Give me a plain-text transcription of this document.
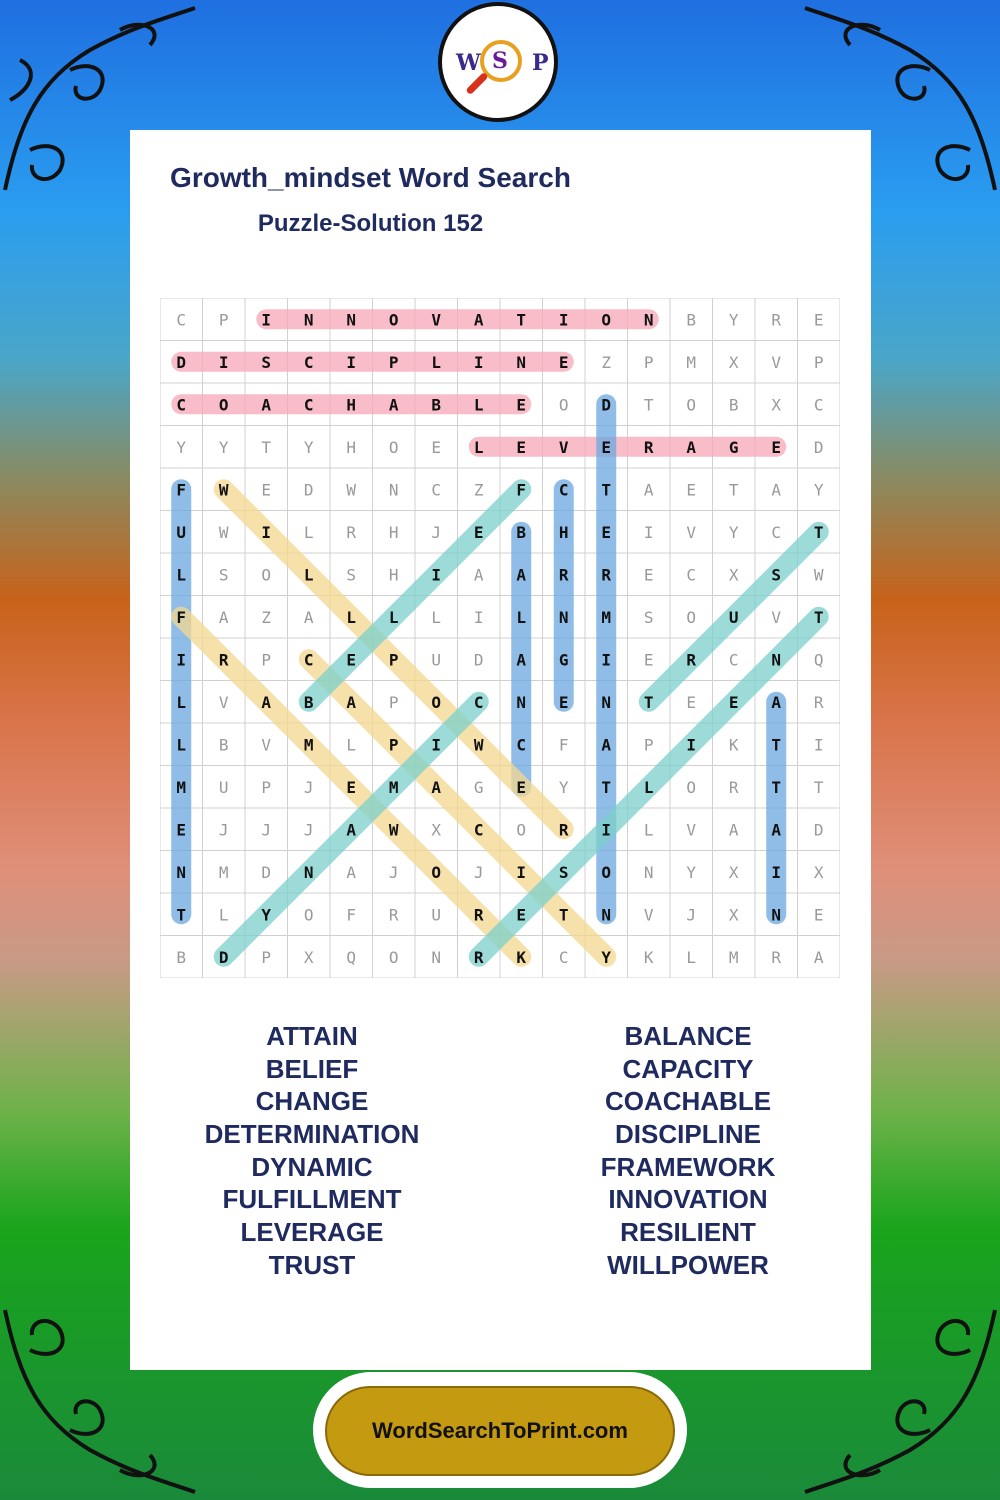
W S P
Growth_mindset Word Search
Puzzle-Solution 152
C P I N N O V A T I O N B Y R E
D I S C I P L I N E Z P M X V P
C O A C H A B L E O D T O B X C
Y Y T Y H O E L E V E R A G E D
F W E D W N C Z F C T A E T A Y
U W I L R H J E B H E I V Y C T
L S O L S H I A A R R E C X S W
F A Z A L L L I L N M S O U V T
I R P C E P U D A G I E R C N Q
L V A B A P O C N E N T E E A R
L B V M L P I W C F A P I K T I
M U P J E M A G E Y T L O R T T
E J J J A W X C O R I L V A A D
N M D N A J O J I S O N Y X I X
T L Y O F R U R E T N V J X N E
B D P X Q O N R K C Y K L M R A
ATTAIN
BELIEF
CHANGE
DETERMINATION
DYNAMIC
FULFILLMENT
LEVERAGE
TRUST
BALANCE
CAPACITY
COACHABLE
DISCIPLINE
FRAMEWORK
INNOVATION
RESILIENT
WILLPOWER
WordSearchToPrint.com
